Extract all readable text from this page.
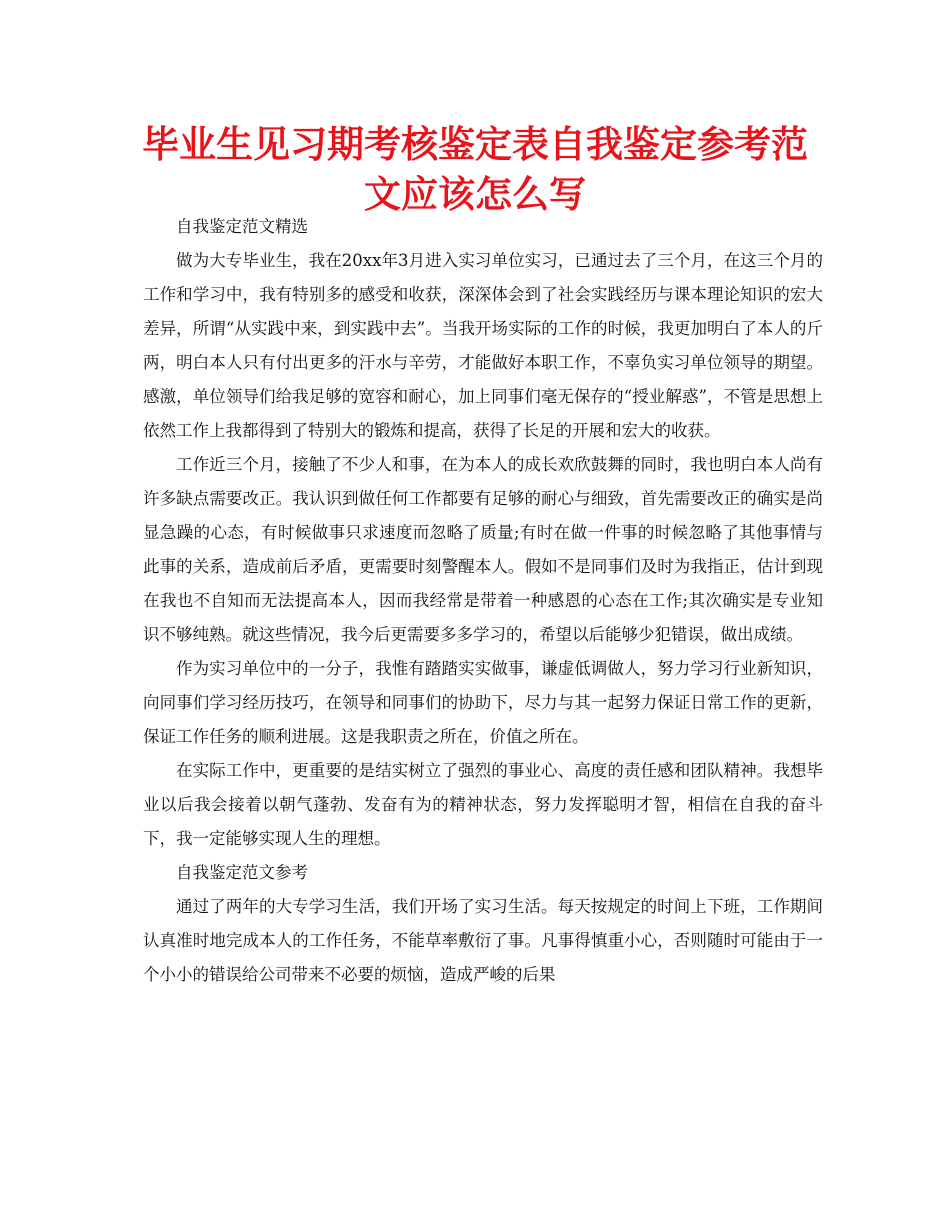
毕业生见习期考核鉴定表自我鉴定参考范
文应该怎么写

自我鉴定范文精选

做为大专毕业生，我在20xx年3月进入实习单位实习，已通过去了三个月，在这三个月的工作和学习中，我有特别多的感受和收获，深深体会到了社会实践经历与课本理论知识的宏大差异，所谓“从实践中来，到实践中去”。当我开场实际的工作的时候，我更加明白了本人的斤两，明白本人只有付出更多的汗水与辛劳，才能做好本职工作，不辜负实习单位领导的期望。感激，单位领导们给我足够的宽容和耐心，加上同事们毫无保存的“授业解惑”，不管是思想上依然工作上我都得到了特别大的锻炼和提高，获得了长足的开展和宏大的收获。

工作近三个月，接触了不少人和事，在为本人的成长欢欣鼓舞的同时，我也明白本人尚有许多缺点需要改正。我认识到做任何工作都要有足够的耐心与细致，首先需要改正的确实是尚显急躁的心态，有时候做事只求速度而忽略了质量;有时在做一件事的时候忽略了其他事情与此事的关系，造成前后矛盾，更需要时刻警醒本人。假如不是同事们及时为我指正，估计到现在我也不自知而无法提高本人，因而我经常是带着一种感恩的心态在工作;其次确实是专业知识不够纯熟。就这些情况，我今后更需要多多学习的，希望以后能够少犯错误，做出成绩。

作为实习单位中的一分子，我惟有踏踏实实做事，谦虚低调做人，努力学习行业新知识，向同事们学习经历技巧，在领导和同事们的协助下，尽力与其一起努力保证日常工作的更新，保证工作任务的顺利进展。这是我职责之所在，价值之所在。

在实际工作中，更重要的是结实树立了强烈的事业心、高度的责任感和团队精神。我想毕业以后我会接着以朝气蓬勃、发奋有为的精神状态，努力发挥聪明才智，相信在自我的奋斗下，我一定能够实现人生的理想。

自我鉴定范文参考

通过了两年的大专学习生活，我们开场了实习生活。每天按规定的时间上下班，工作期间认真准时地完成本人的工作任务，不能草率敷衍了事。凡事得慎重小心，否则随时可能由于一个小小的错误给公司带来不必要的烦恼，造成严峻的后果
